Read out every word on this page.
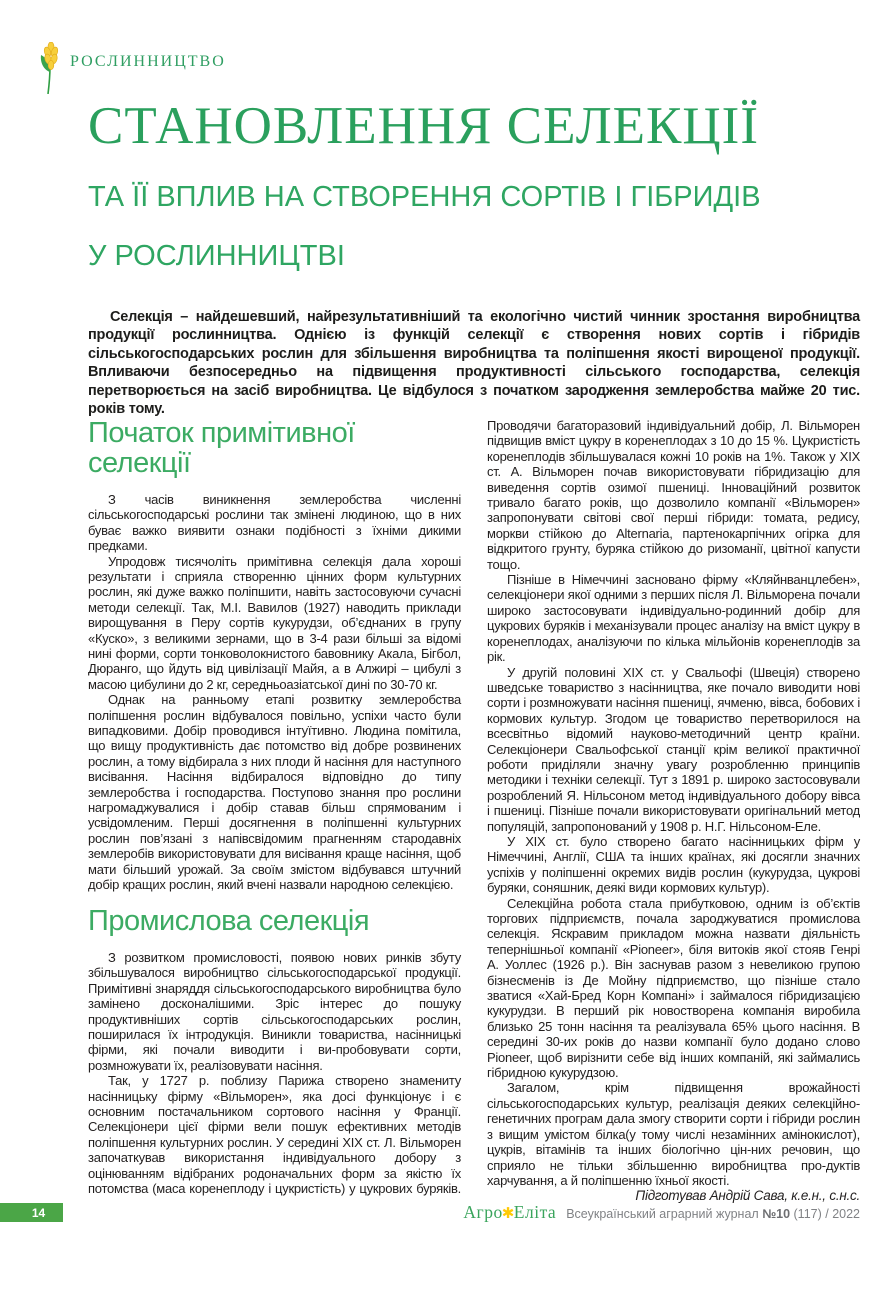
РОСЛИННИЦТВО
СТАНОВЛЕННЯ СЕЛЕКЦІЇ
ТА ЇЇ ВПЛИВ НА СТВОРЕННЯ СОРТІВ І ГІБРИДІВ
У РОСЛИННИЦТВІ

Селекція – найдешевший, найрезультативніший та екологічно чистий чинник зростання виробництва продукції рослинництва. Однією із функцій селекції є створення нових сортів і гібридів сільськогосподарських рослин для збільшення виробництва та поліпшення якості вирощеної продукції. Впливаючи безпосередньо на підвищення продуктивності сільського господарства, селекція перетворюється на засіб виробництва. Це відбулося з початком зародження землеробства майже 20 тис. років тому.

Початок примітивної селекції

З часів виникнення землеробства численні сільськогосподарські рослини так змінені людиною, що в них буває важко виявити ознаки подібності з їхніми дикими предками.

Упродовж тисячоліть примітивна селекція дала хороші результати і сприяла створенню цінних форм культурних рослин, які дуже важко поліпшити, навіть застосовуючи сучасні методи селекції. Так, М.І. Вавилов (1927) наводить приклади вирощування в Перу сортів кукурудзи, об’єднаних в групу «Куско», з великими зернами, що в 3-4 рази більші за відомі нині форми, сорти тонковолокнистого бавовнику Акала, Бігбол, Дюранго, що йдуть від цивілізації Майя, а в Алжирі – цибулі з масою цибулини до 2 кг, середньоазіатської дині по 30-70 кг.

Однак на ранньому етапі розвитку землеробства поліпшення рослин відбувалося повільно, успіхи часто були випадковими. Добір проводився інтуїтивно. Людина помітила, що вищу продуктивність дає потомство від добре розвинених рослин, а тому відбирала з них плоди й насіння для наступного висівання. Насіння відбиралося відповідно до типу землеробства і господарства. Поступово знання про рослини нагромаджувалися і добір ставав більш спрямованим і усвідомленим. Перші досягнення в поліпшенні культурних рослин пов’язані з напівсвідомим прагненням стародавніх землеробів використовувати для висівання краще насіння, щоб мати більший урожай. За своїм змістом відбувався штучний добір кращих рослин, який вчені назвали народною селекцією.

Промислова селекція

З розвитком промисловості, появою нових ринків збуту збільшувалося виробництво сільськогосподарської продукції. Примітивні знаряддя сільськогосподарського виробництва було замінено досконалішими. Зріс інтерес до пошуку продуктивніших сортів сільськогосподарських рослин, поширилася їх інтродукція. Виникли товариства, насінницькі фірми, які почали виводити і ви-пробовувати сорти, розмножувати їх, реалізовувати насіння.

Так, у 1727 р. поблизу Парижа створено знамениту насінницьку фірму «Вільморен», яка досі функціонує і є основним постачальником сортового насіння у Франції. Селекціонери цієї фірми вели пошук ефективних методів поліпшення культурних рослин. У середині XIX ст. Л. Вільморен започаткував використання індивідуального добору з оцінюванням відібраних родоначальних форм за якістю їх потомства (маса коренеплоду і цукристість) у цукрових буряків. Проводячи багаторазовий індивідуальний добір, Л. Вільморен підвищив вміст цукру в коренеплодах з 10 до 15 %. Цукристість коренеплодів збільшувалася кожні 10 років на 1%. Також у XIX ст. А. Вільморен почав використовувати гібридизацію для виведення сортів озимої пшениці. Інноваційний розвиток тривало багато років, що дозволило компанії «Вільморен» запропонувати світові свої перші гібриди: томата, редису, моркви стійкою до Alternaria, партенокарпічних огірка для відкритого грунту, буряка стійкою до ризоманії, цвітної капусти тощо.

Пізніше в Німеччині засновано фірму «Кляйнванцлебен», селекціонери якої одними з перших після Л. Вільморена почали широко застосовувати індивідуально-родинний добір для цукрових буряків і механізували процес аналізу на вміст цукру в коренеплодах, аналізуючи по кілька мільйонів коренеплодів за рік.

У другій половині XIX ст. у Свальофі (Швеція) створено шведське товариство з насінництва, яке почало виводити нові сорти і розмножувати насіння пшениці, ячменю, вівса, бобових і кормових культур. Згодом це товариство перетворилося на всесвітньо відомий науково-методичний центр країни. Селекціонери Свальофської станції крім великої практичної роботи приділяли значну увагу розробленню принципів методики і техніки селекції. Тут з 1891 р. широко застосовували розроблений Я. Нільсоном метод індивідуального добору вівса і пшениці. Пізніше почали використовувати оригінальний метод популяцій, запропонований у 1908 р. Н.Г. Нільсоном-Еле.

У XIX ст. було створено багато насінницьких фірм у Німеччині, Англії, США та інших країнах, які досягли значних успіхів у поліпшенні окремих видів рослин (кукурудза, цукрові буряки, соняшник, деякі види кормових культур).

Селекційна робота стала прибутковою, одним із об’єктів торгових підприємств, почала зароджуватися промислова селекція. Яскравим прикладом можна назвати діяльність тепернішньої компанії «Pioneer», біля витоків якої стояв Генрі А. Уоллес (1926 р.). Він заснував разом з невеликою групою бізнесменів із Де Мойну підприємство, що пізніше стало зватися «Хай-Бред Корн Компані» і займалося гібридизацією кукурудзи. В перший рік новостворена компанія виробила близько 25 тонн насіння та реалізувала 65% цього насіння. В середині 30-их років до назви компанії було додано слово Pioneer, щоб вирізнити себе від інших компаній, які займались гібридною кукурудзою.

Загалом, крім підвищення врожайності сільськогосподарських культур, реалізація деяких селекційно-генетичних програм дала змогу створити сорти і гібриди рослин з вищим умістом білка(у тому числі незамінних амінокислот), цукрів, вітамінів та інших біологічно цін-них речовин, що сприяло не тільки збільшенню виробництва про-дуктів харчування, а й поліпшенню їхньої якості.

Підготував Андрій Сава, к.е.н., с.н.с.

14	Агро ✱ Еліта Всеукраїнський аграрний журнал №10 (117) / 2022
